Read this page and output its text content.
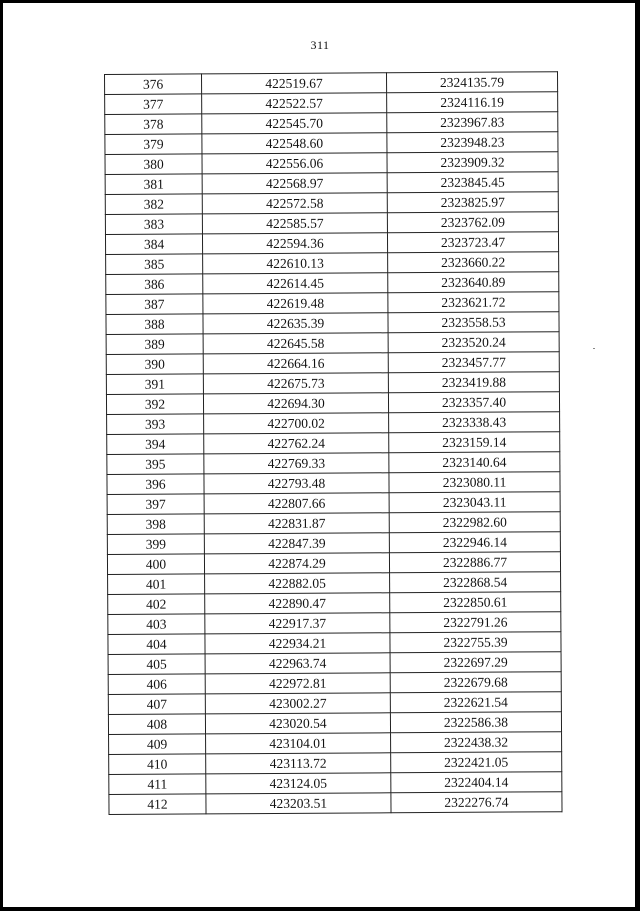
311
376	422519.67	2324135.79
377	422522.57	2324116.19
378	422545.70	2323967.83
379	422548.60	2323948.23
380	422556.06	2323909.32
381	422568.97	2323845.45
382	422572.58	2323825.97
383	422585.57	2323762.09
384	422594.36	2323723.47
385	422610.13	2323660.22
386	422614.45	2323640.89
387	422619.48	2323621.72
388	422635.39	2323558.53
389	422645.58	2323520.24
390	422664.16	2323457.77
391	422675.73	2323419.88
392	422694.30	2323357.40
393	422700.02	2323338.43
394	422762.24	2323159.14
395	422769.33	2323140.64
396	422793.48	2323080.11
397	422807.66	2323043.11
398	422831.87	2322982.60
399	422847.39	2322946.14
400	422874.29	2322886.77
401	422882.05	2322868.54
402	422890.47	2322850.61
403	422917.37	2322791.26
404	422934.21	2322755.39
405	422963.74	2322697.29
406	422972.81	2322679.68
407	423002.27	2322621.54
408	423020.54	2322586.38
409	423104.01	2322438.32
410	423113.72	2322421.05
411	423124.05	2322404.14
412	423203.51	2322276.74
